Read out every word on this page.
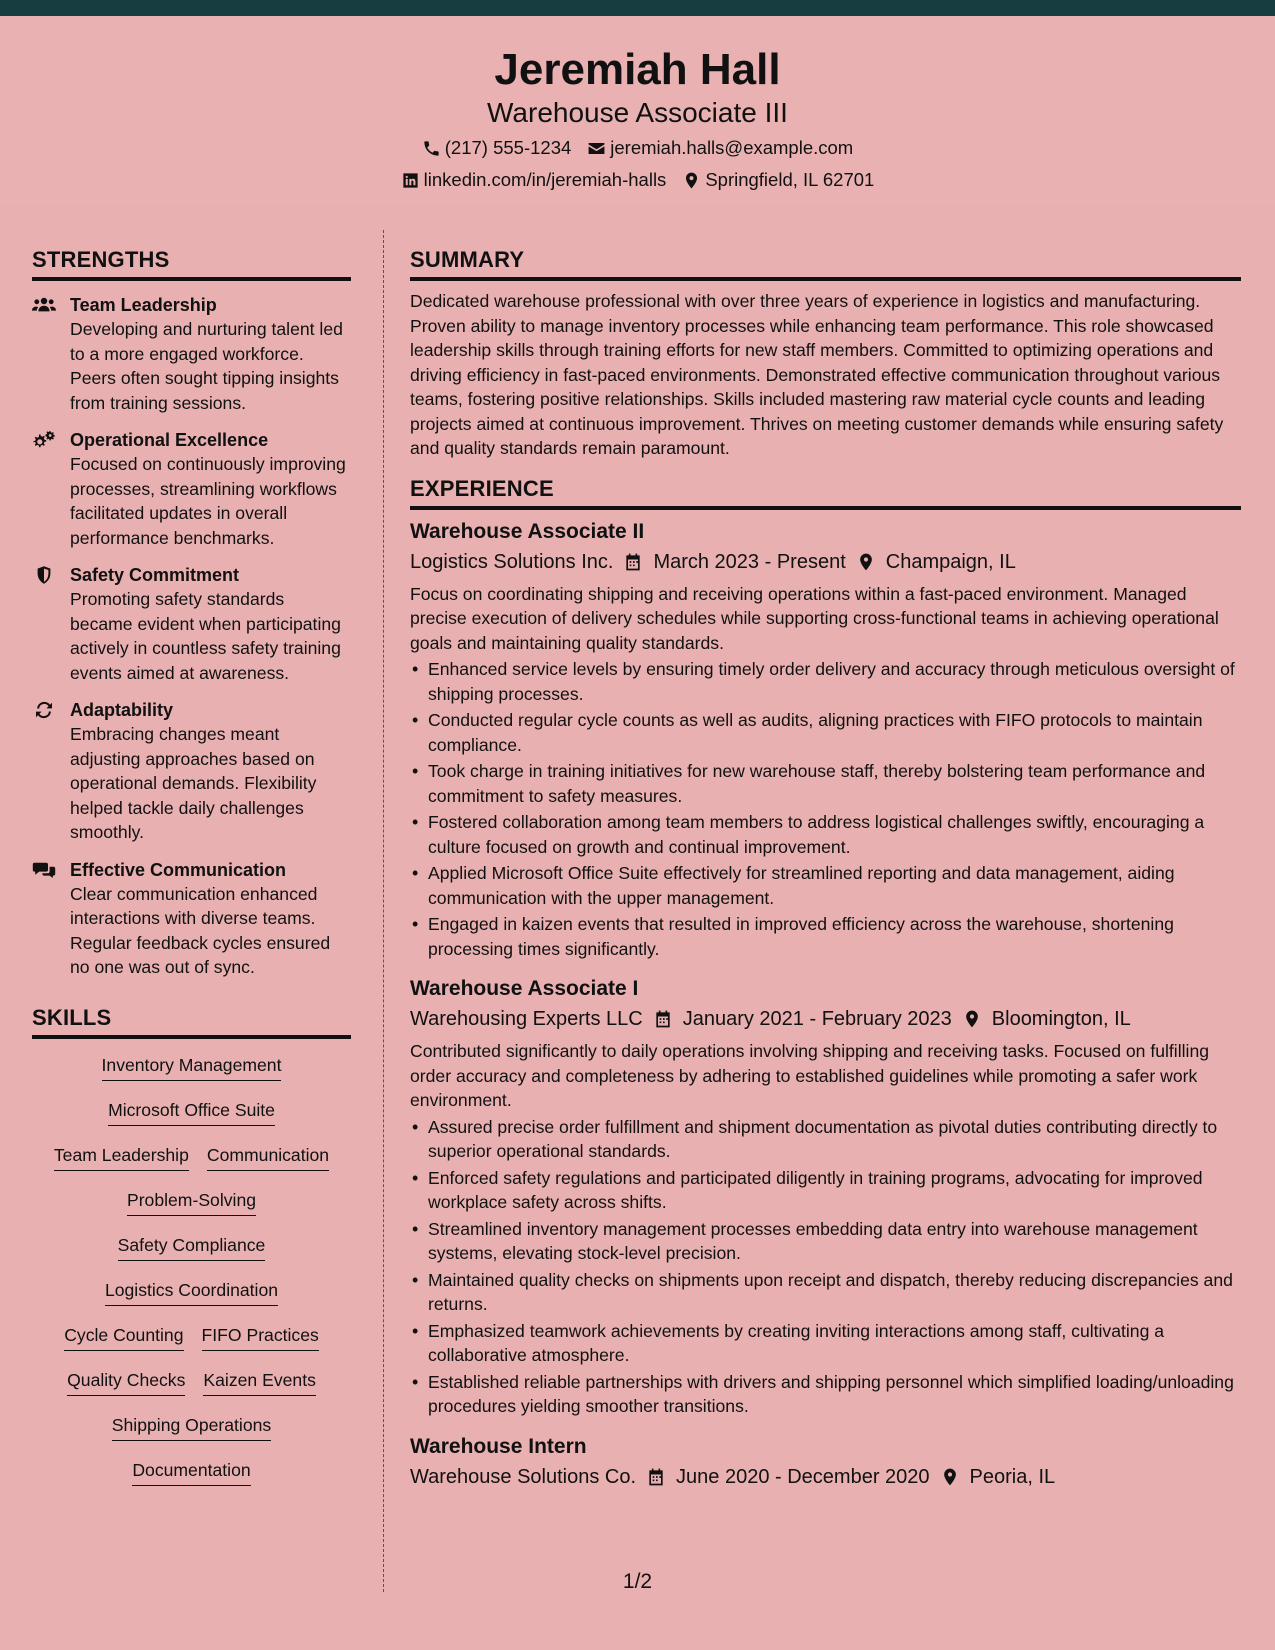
Jeremiah Hall
Warehouse Associate III
(217) 555-1234 jeremiah.halls@example.com
linkedin.com/in/jeremiah-halls Springfield, IL 62701
STRENGTHS
Team Leadership
Developing and nurturing talent led to a more engaged workforce. Peers often sought tipping insights from training sessions.
Operational Excellence
Focused on continuously improving processes, streamlining workflows facilitated updates in overall performance benchmarks.
Safety Commitment
Promoting safety standards became evident when participating actively in countless safety training events aimed at awareness.
Adaptability
Embracing changes meant adjusting approaches based on operational demands. Flexibility helped tackle daily challenges smoothly.
Effective Communication
Clear communication enhanced interactions with diverse teams. Regular feedback cycles ensured no one was out of sync.
SKILLS
Inventory Management
Microsoft Office Suite
Team Leadership Communication
Problem-Solving
Safety Compliance
Logistics Coordination
Cycle Counting FIFO Practices
Quality Checks Kaizen Events
Shipping Operations
Documentation
SUMMARY

Dedicated warehouse professional with over three years of experience in logistics and manufacturing. Proven ability to manage inventory processes while enhancing team performance. This role showcased leadership skills through training efforts for new staff members. Committed to optimizing operations and driving efficiency in fast-paced environments. Demonstrated effective communication throughout various teams, fostering positive relationships. Skills included mastering raw material cycle counts and leading projects aimed at continuous improvement. Thrives on meeting customer demands while ensuring safety and quality standards remain paramount.

EXPERIENCE
Warehouse Associate II
Logistics Solutions Inc. March 2023 - Present Champaign, IL

Focus on coordinating shipping and receiving operations within a fast-paced environment. Managed precise execution of delivery schedules while supporting cross-functional teams in achieving operational goals and maintaining quality standards.

• Enhanced service levels by ensuring timely order delivery and accuracy through meticulous oversight of shipping processes.
• Conducted regular cycle counts as well as audits, aligning practices with FIFO protocols to maintain compliance.
• Took charge in training initiatives for new warehouse staff, thereby bolstering team performance and commitment to safety measures.
• Fostered collaboration among team members to address logistical challenges swiftly, encouraging a culture focused on growth and continual improvement.
• Applied Microsoft Office Suite effectively for streamlined reporting and data management, aiding communication with the upper management.
• Engaged in kaizen events that resulted in improved efficiency across the warehouse, shortening processing times significantly.
Warehouse Associate I
Warehousing Experts LLC January 2021 - February 2023 Bloomington, IL

Contributed significantly to daily operations involving shipping and receiving tasks. Focused on fulfilling order accuracy and completeness by adhering to established guidelines while promoting a safer work environment.

• Assured precise order fulfillment and shipment documentation as pivotal duties contributing directly to superior operational standards.
• Enforced safety regulations and participated diligently in training programs, advocating for improved workplace safety across shifts.
• Streamlined inventory management processes embedding data entry into warehouse management systems, elevating stock-level precision.
• Maintained quality checks on shipments upon receipt and dispatch, thereby reducing discrepancies and returns.
• Emphasized teamwork achievements by creating inviting interactions among staff, cultivating a collaborative atmosphere.
• Established reliable partnerships with drivers and shipping personnel which simplified loading/unloading procedures yielding smoother transitions.
Warehouse Intern
Warehouse Solutions Co. June 2020 - December 2020 Peoria, IL
1/2
